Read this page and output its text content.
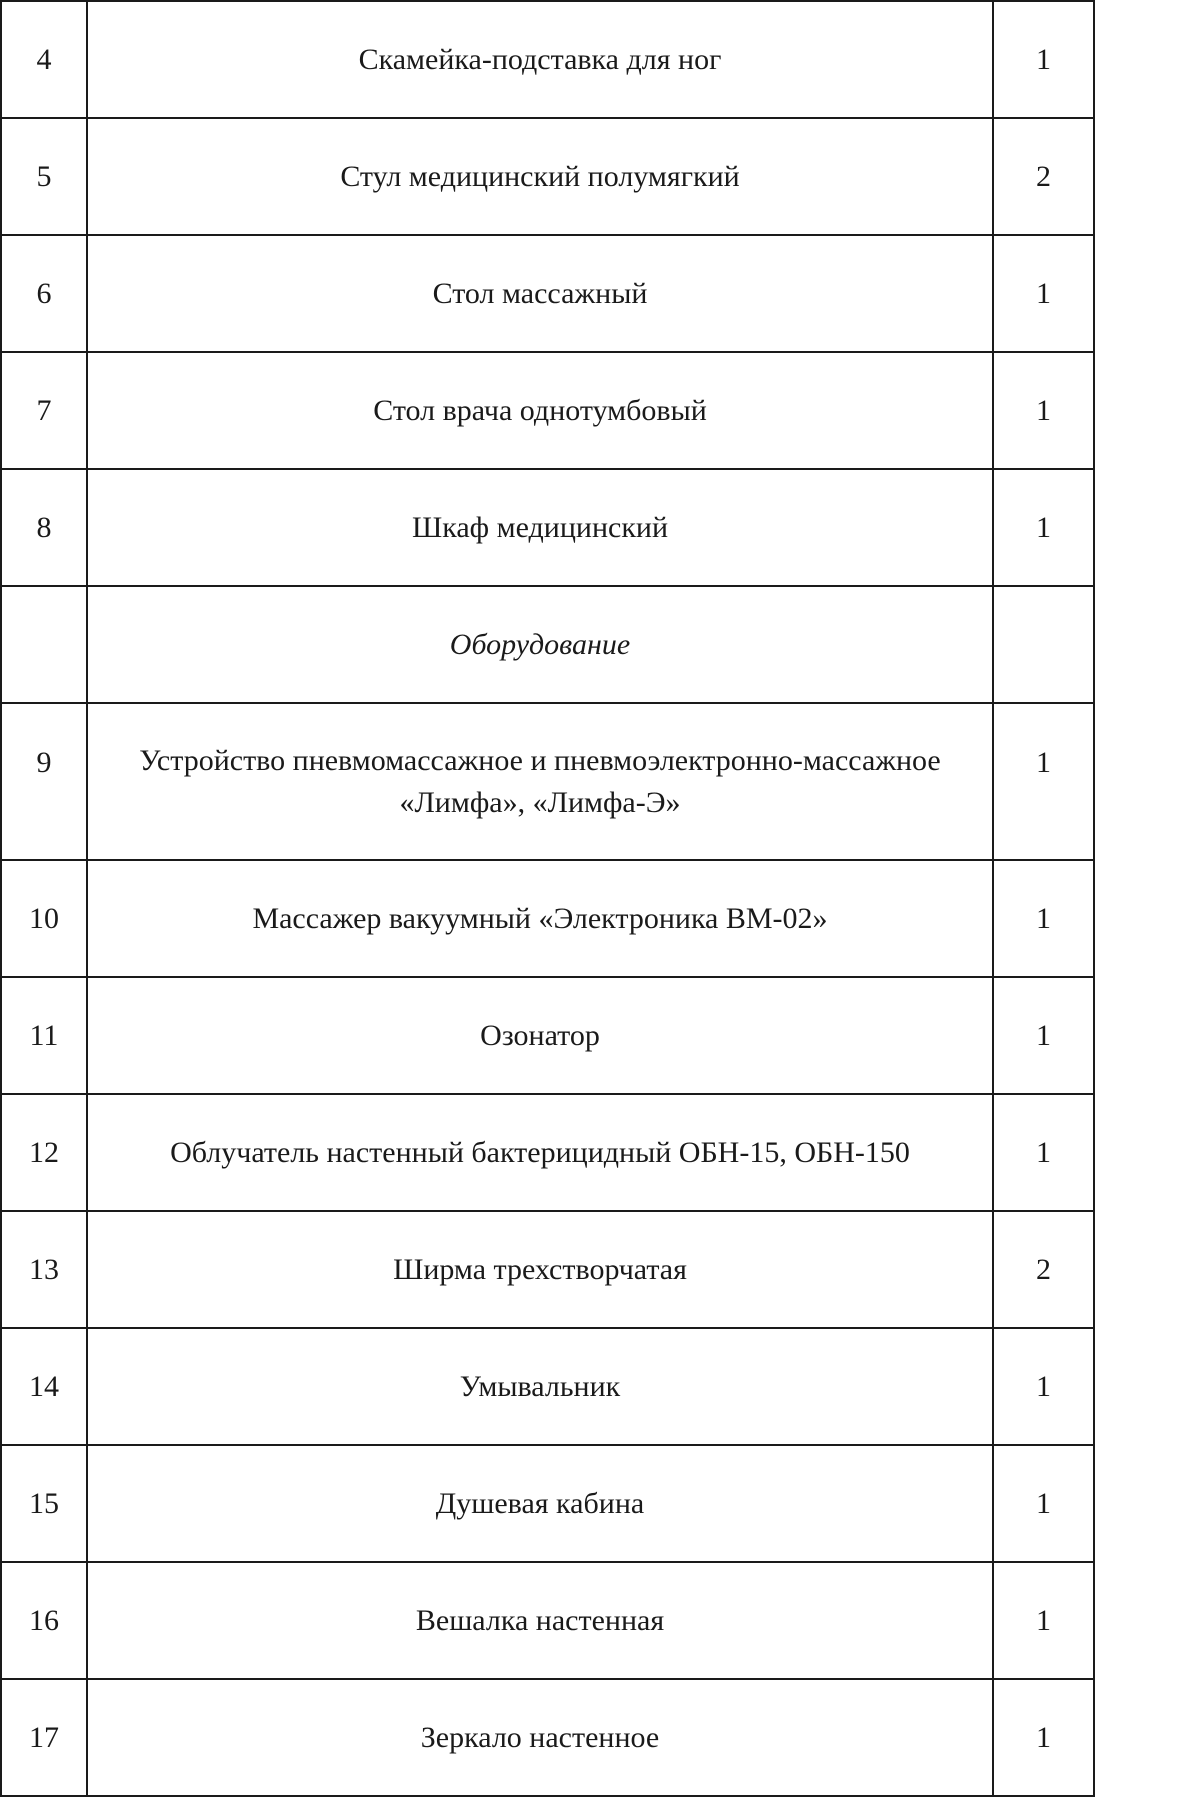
4	Скамейка-подставка для ног	1
5	Стул медицинский полумягкий	2
6	Стол массажный	1
7	Стол врача однотумбовый	1
8	Шкаф медицинский	1
	Оборудование	
9	Устройство пневмомассажное и пневмоэлектронно-массажное «Лимфа», «Лимфа-Э»	1
10	Массажер вакуумный «Электроника ВМ-02»	1
11	Озонатор	1
12	Облучатель настенный бактерицидный ОБН-15, ОБН-150	1
13	Ширма трехстворчатая	2
14	Умывальник	1
15	Душевая кабина	1
16	Вешалка настенная	1
17	Зеркало настенное	1
